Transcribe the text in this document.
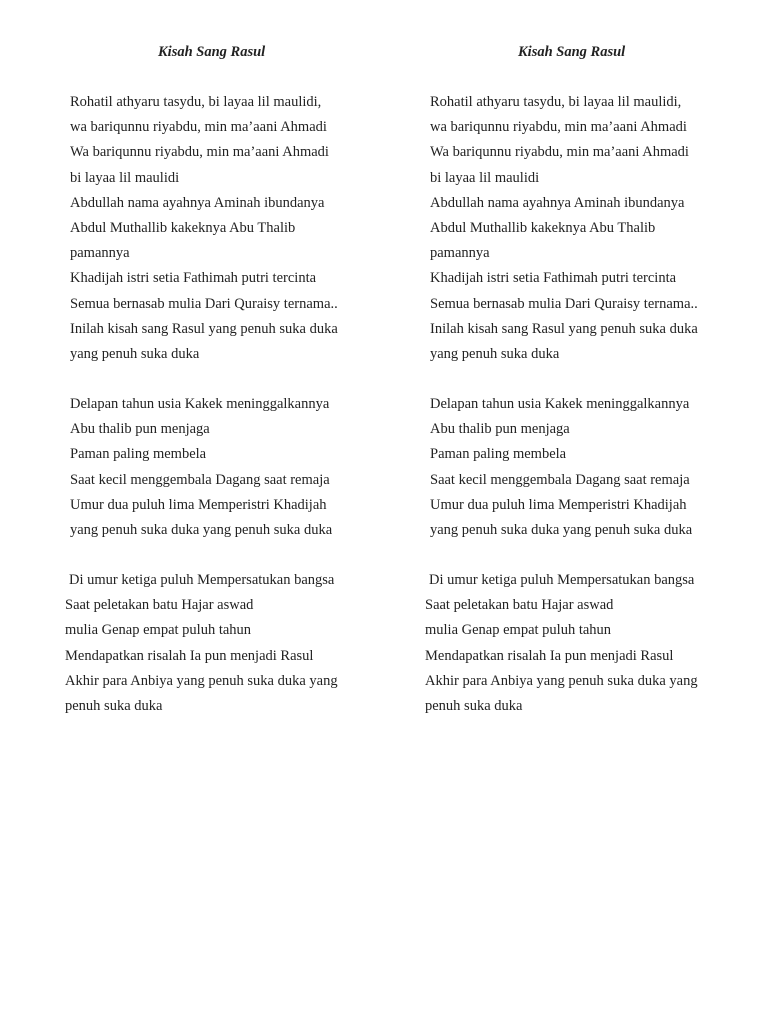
Kisah Sang Rasul
Rohatil athyaru tasydu, bi layaa lil maulidi,
wa bariqunnu riyabdu, min ma’aani Ahmadi
Wa bariqunnu riyabdu, min ma’aani Ahmadi
bi layaa lil maulidi
Abdullah nama ayahnya Aminah ibundanya
Abdul Muthallib kakeknya Abu Thalib
pamannya
Khadijah istri setia Fathimah putri tercinta
Semua bernasab mulia Dari Quraisy ternama..
Inilah kisah sang Rasul yang penuh suka duka
yang penuh suka duka
Delapan tahun usia Kakek meninggalkannya
Abu thalib pun menjaga
Paman paling membela
Saat kecil menggembala Dagang saat remaja
Umur dua puluh lima Memperistri Khadijah
yang penuh suka duka yang penuh suka duka
Di umur ketiga puluh Mempersatukan bangsa
Saat peletakan batu Hajar aswad
mulia Genap empat puluh tahun
Mendapatkan risalah Ia pun menjadi Rasul
Akhir para Anbiya yang penuh suka duka yang
penuh suka duka
Kisah Sang Rasul
Rohatil athyaru tasydu, bi layaa lil maulidi,
wa bariqunnu riyabdu, min ma’aani Ahmadi
Wa bariqunnu riyabdu, min ma’aani Ahmadi
bi layaa lil maulidi
Abdullah nama ayahnya Aminah ibundanya
Abdul Muthallib kakeknya Abu Thalib
pamannya
Khadijah istri setia Fathimah putri tercinta
Semua bernasab mulia Dari Quraisy ternama..
Inilah kisah sang Rasul yang penuh suka duka
yang penuh suka duka
Delapan tahun usia Kakek meninggalkannya
Abu thalib pun menjaga
Paman paling membela
Saat kecil menggembala Dagang saat remaja
Umur dua puluh lima Memperistri Khadijah
yang penuh suka duka yang penuh suka duka
Di umur ketiga puluh Mempersatukan bangsa
Saat peletakan batu Hajar aswad
mulia Genap empat puluh tahun
Mendapatkan risalah Ia pun menjadi Rasul
Akhir para Anbiya yang penuh suka duka yang
penuh suka duka
